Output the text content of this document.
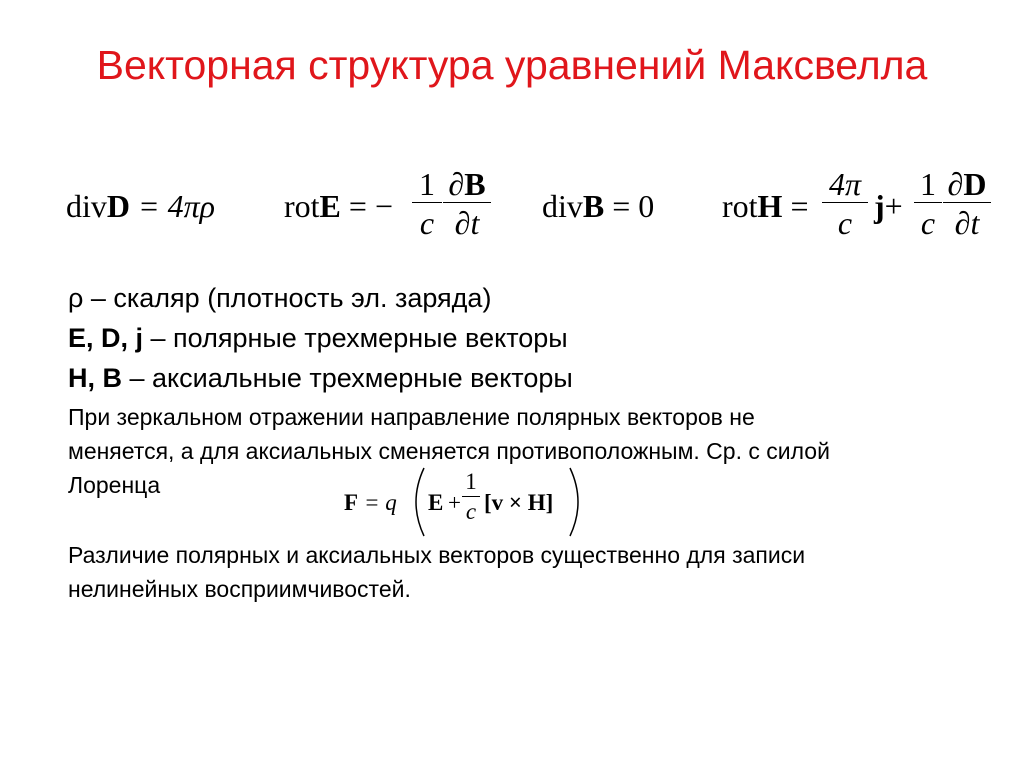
Векторная структура уравнений Максвелла
divD = 4πρ rotE = −
1
c
∂B
∂t	divB = 0 rotH =
4π
c j+
1
c
∂D
∂t
ρ – скаляр (плотность эл. заряда)
E, D, j – полярные трехмерные векторы
H, B – аксиальные трехмерные векторы
При зеркальном отражении направление полярных векторов не
меняется, а для аксиальных сменяется противоположным. Ср. с силой
Лоренца
F = q E +
1
c [v × H]
Различие полярных и аксиальных векторов существенно для записи
нелинейных восприимчивостей.
